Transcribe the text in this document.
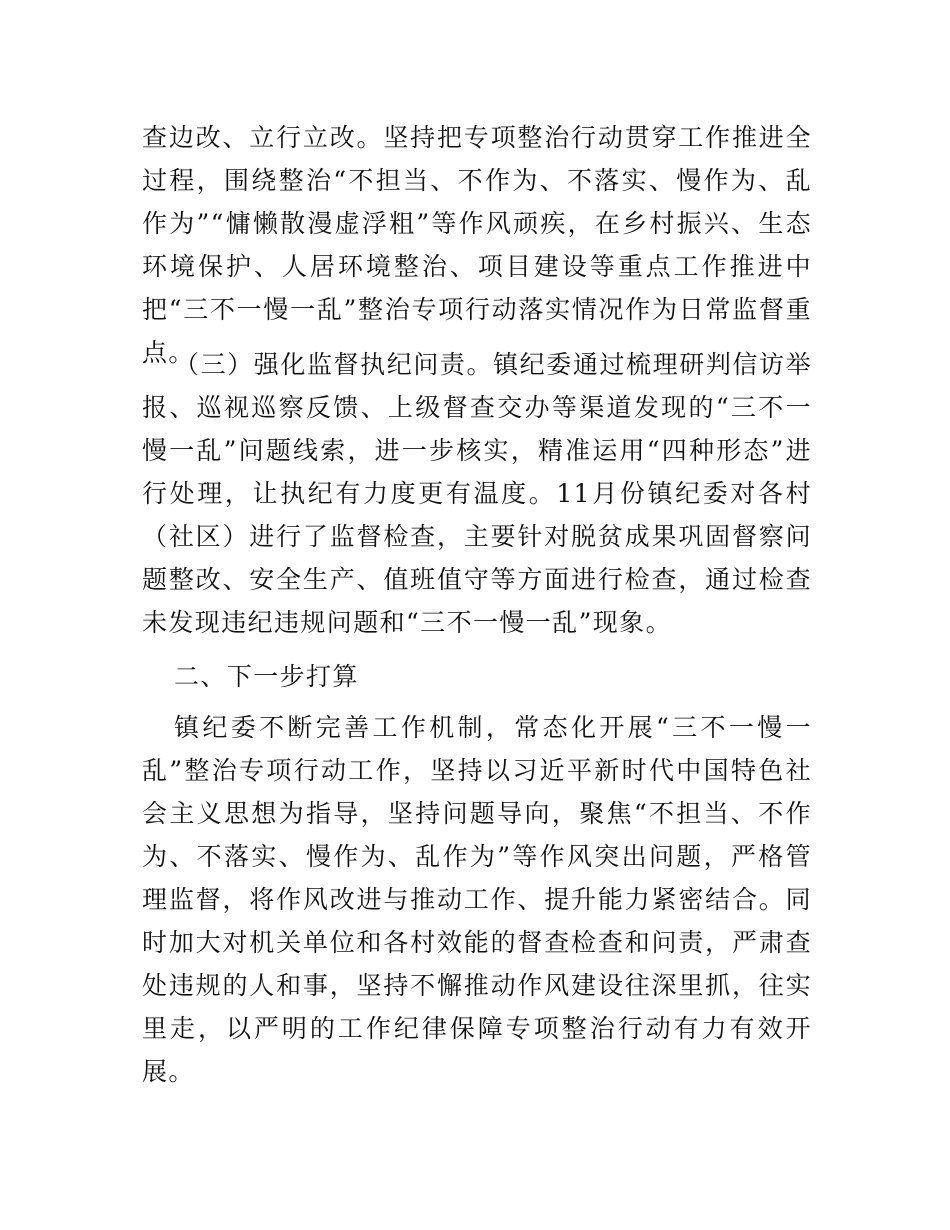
查边改、立行立改。坚持把专项整治行动贯穿工作推进全过程，围绕整治“不担当、不作为、不落实、慢作为、乱作为”“慵懒散漫虚浮粗”等作风顽疾，在乡村振兴、生态环境保护、人居环境整治、项目建设等重点工作推进中把“三不一慢一乱”整治专项行动落实情况作为日常监督重点。

（三）强化监督执纪问责。镇纪委通过梳理研判信访举报、巡视巡察反馈、上级督查交办等渠道发现的“三不一慢一乱”问题线索，进一步核实，精准运用“四种形态”进行处理，让执纪有力度更有温度。11月份镇纪委对各村（社区）进行了监督检查，主要针对脱贫成果巩固督察问题整改、安全生产、值班值守等方面进行检查，通过检查未发现违纪违规问题和“三不一慢一乱”现象。

二、下一步打算

镇纪委不断完善工作机制，常态化开展“三不一慢一乱”整治专项行动工作，坚持以习近平新时代中国特色社会主义思想为指导，坚持问题导向，聚焦“不担当、不作为、不落实、慢作为、乱作为”等作风突出问题，严格管理监督，将作风改进与推动工作、提升能力紧密结合。同时加大对机关单位和各村效能的督查检查和问责，严肃查处违规的人和事，坚持不懈推动作风建设往深里抓，往实里走，以严明的工作纪律保障专项整治行动有力有效开展。
